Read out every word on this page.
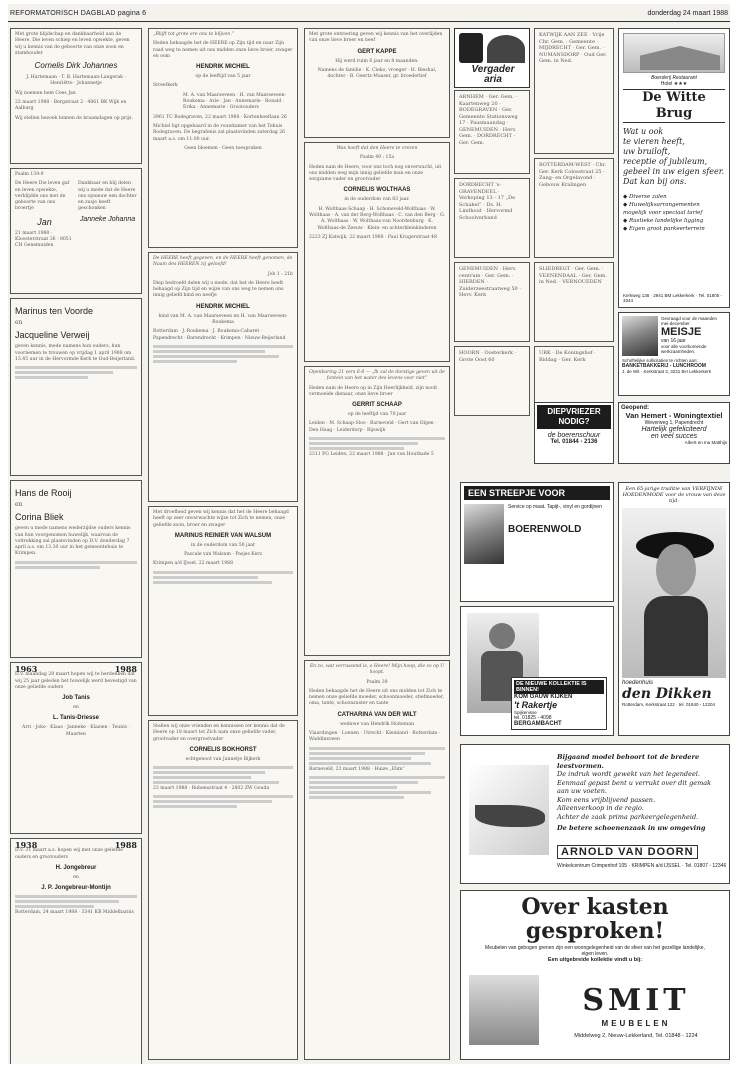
REFORMATORISCH DAGBLAD pagina 6	donderdag 24 maart 1988

Met grote blijdschap en dankbaarheid aan de Heere, Die leven schiep en leven opwekte, geven wij u kennis van de geboorte van onze zoon en stamhouder

Cornelis Dirk Johannes

J. Hartemaan · T. B. Hartemaan-Langerak · Henriëtte · Johannetje

Wij noemen hem Cees Jan

22 maart 1988 · Bergstraat 2 · 4061 BK Wijk en Aalburg

Wij stellen bezoek binnen de kraamdagen op prijs.

Psalm 139:9

De Heere Die leven gaf en leven opwekte, verblijdde ons met de geboorte van ons broertje

Jan

21 maart 1988 · Kloosterstraat 36 · 8051 CH Genemuiden

Dankbaar en blij delen wij u mede dat de Heere ons opnieuw een dochter en zusje heeft geschonken

Janneke Johanna
Marinus ten Voorde
en
Jacqueline Verweij

geven kennis, mede namens hun ouders, hun voornemen te trouwen op vrijdag 1 april 1988 om 13.45 uur in de Hervormde Kerk te Oud-Beijerland.

Hans de Rooij
en
Corina Bliek

geven u mede namens wederzijdse ouders kennis van hun voorgenomen huwelijk, waarvan de voltrekking zal plaatsvinden op D.V. donderdag 7 april a.s. om 13.30 uur in het gemeentehuis te Krimpen.

1963	1988

D.V. maandag 28 maart hopen wij te herdenken dat wij 25 jaar geleden het huwelijk werd bevestigd van onze geliefde ouders

Job Tanis
en
L. Tanis-Driesse

Arri · Joke · Klaas · Janneke · Klazien · Teunis · Maarten

1938	1988

D.V. 31 maart a.s. hopen wij met onze geliefde ouders en grootouders

H. Jongebreur
en
J. P. Jongebreur-Montijn

Rotterdam, 24 maart 1988 · 3341 KB Middelharnis

„Blijft tot grote ere ons te blijven.”

Heden behaagde het de HEERE op Zijn tijd en naar Zijn raad weg te nemen uit ons midden onze lieve broer, zwager en oom

HENDRIK MICHIEL

op de leeftijd van 5 jaar

Streefkerk

M. A. van Maarseveen · H. van Maarseveen-Roukema · Arie · Jan · Annemarie · Ronald · Erika · Annemarie · Grootouders

3961 TC Bodegraven, 22 maart 1988 · Kortenhoeflaan 26

Michiel ligt opgebaard in de rouwkamer van het Tehuis Bodegraven. De begrafenis zal plaatsvinden zaterdag 26 maart a.s. om 11.00 uur.

Geen bloemen · Geen toespraken

De HEERE heeft gegeven, en de HEERE heeft genomen, de Naam des HEEREN zij geloofd!

Job 1 : 21b

Diep bedroefd delen wij u mede, dat het de Heere heeft behaagd op Zijn tijd en wijze van ons weg te nemen ons innig geliefd kind en neefje

HENDRIK MICHIEL

kind van M. A. van Maarseveen en H. van Maarseveen-Roukema

Rotterdam · J. Roukema · J. Roukema-Cabaret · Papendrecht · Barendrecht · Krimpen · Nieuw-Beijerland

Met droefheid geven wij kennis dat het de Heere behaagd heeft op zeer onverwachte wijze tot Zich te nemen, onze geliefde zoon, broer en zwager

MARINUS REINIER VAN WALSUM

in de ouderdom van 50 jaar

Pascale van Walsum · Pasjes Kerz

Krimpen a/d IJssel, 22 maart 1988

Stellen wij onze vrienden en kennissen ter kennis dat de Heere op 18 maart tot Zich nam onze geliefde vader, grootvader en overgrootvader

CORNELIS BOKHORST

echtgenoot van Jannetje Bijkerk

23 maart 1988 · Rubensstraat 4 · 2802 ZW Gouda

Met grote ontroering geven wij kennis van het overlijden van onze lieve broer en neef

GERT KAPPE

Hij werd ruim 6 jaar en 8 maanden.

Namens de familie · K. Cieko, vroeger · H. Bieshal, dochter · B. Geertz-Maaser, gr. broederlief

Was hoeft dat den Heere te vrezen

Psalm 49 : 15a

Heden nam de Heere, voor ons toch nog onverwacht, uit ons midden weg mijn innig geliefde man en onze zorgzame vader en grootvader

CORNELIS WOLTHAAS

in de ouderdom van 83 jaar.

H. Wolthaas-Schaap · H. Schoneveld-Wolthaas · W. Wolthaas · A. van der Berg-Wolthaas · C. van den Berg · G. A. Wolthaas · W. Wolthaas-van Noordenburg · K. Wolthaas-de Zeeuw · Klein- en achterkleinkinderen

2223 ZJ Katwijk, 22 maart 1988 · Paul Krugerstraat 48

Openbaring 21 vers 6-8 — „Ik zal de dorstige geven uit de fontein van het water des levens voor niet”

Heden nam de Heere op in Zijn Heerlijkheid, zijn nooit vermoeide dienaar, onze lieve broer

GERRIT SCHAAP

op de leeftijd van 70 jaar

Leiden · M. Schaap-Sloo · Barneveld · Gert van Olgen · Den Haag · Leiderdorp · Rijswijk

2311 PG Leiden, 22 maart 1988 · Jan van Houtkade 5

En zo, wat verrassend is, o Heere! Mijn hoop, die zo op U hoopt.

Psalm 39

Heden behaagde het de Heere uit ons midden tot Zich te nemen onze geliefde moeder, schoonmoeder, stiefmoeder, oma, tante, schoonzuster en tante

CATHARINA VAN DER WILT

weduwe van Hendrik Hoiteman

Vlaardingen · Loenen · Utrecht · Kleinland · Rotterdam · Waddinxveen

Barneveld, 23 maart 1988 · Huize „Elim”

Vergader
aria

ARNHEM · Ger. Gem. · Kaartenweg 20 · BODEGRAVEN · Ger. Gemeente Stationsweg 17 · Paasmaandag · GENEMUIDEN · Herv. Gem. · DORDRECHT · Ger. Gem.

DORDRECHT 's-GRAVENDEEL · Verkoping 13 - 17 „De Schakel” · Ds. H. Lindhout · Hervormd Schoolverband

GENEMUIDEN · Herv. centrum · Ger. Gem. · HIERDEN · Zuiderzeestraatweg 50 · Herv. Kerk

HOORN · Oosterkerk · Grote Oost 60

KATWIJK AAN ZEE · Vrije Chr. Gem. · Gemeente · MIJDRECHT · Ger. Gem. · NUMANSDORP · Oud Ger. Gem. in Ned.

ROTTERDAM-WEST · Chr. Ger. Kerk Colosstraat 25 · Zang- en Orgelavond · Gebouw Kralingen

SLIEDREGT · Ger. Gem. · VEENENDAAL · Ger. Gem. in Ned. · VERNOUEDEN

URK · De Koningshof · Biddag · Ger. Kerk

Boerderij Restaurant
Hotel ★★★
De Witte Brug
Wat u ook
te vieren heeft,
uw bruiloft,
receptie of jubileum,
gebeel in uw eigen sfeer.
Dat kan bij ons.
◆ Diverse zalen
◆ Huwelijksarrangementen mogelijk voor speciaal tarief
◆ Rustieke landelijke ligging
◆ Eigen groot parkeerterrein
Kerkweg 138 · 2941 BM Lekkerkerk · Tel. 01805 - 3344
Gevraagd voor de maanden mei-december
MEISJE
van 16 jaar
voor alle voorkomende werkzaamheden.
Schriftelijke sollicitaties te richten aan:
BANKETBAKKERIJ - LUNCHROOM
J. de Wit · Kerkstraat 3, 3231 BH Lekkerkerk
DIEPVRIEZER NODIG?
de boerenschuur
Tel. 01844 - 2136
Geopend:
Van Hemert - Woningtextiel
Weverweg 1, Papendrecht
Hartelijk gefeliciteerd
en veel succes
Albert en Ina Matthijs
EEN STREEPJE VOOR
Service op maat. Tapijt-, vinyl en gordijnen
BOERENWOLD
DE NIEUWE KOLLEKTIE IS BINNEN!
KOM GAUW KIJKEN
't Rakertje
Spijkenisse
tel. 01825 - 4098
BERGAMBACHT
Een 65-jarige traditie van VERFIJNDE HOEDENMODE voor de vrouw van deze tijd.
hoedenhuis
den Dikken
Rotterdam, Kerkstraat 122 · tel. 01840 - 12204
Bijgaand model behoort tot de bredere leestvormen.
De indruk wordt gewekt van het legendeel. Eenmaal gepast bent u verrukt over dit gemak aan uw voeten.
Kom eens vrijblijvend passen.
Alleenverkoop in de regio.
Achter de zaak prima parkeergelegenheid.
De betere schoenenzaak in uw omgeving
ARNOLD VAN DOORN
Winkelcentrum Crimpenhof 105 · KRIMPEN a/d IJSSEL · Tel. 01807 - 12346
Over kasten
gesproken!
Meubelen van gebogen grenen zijn een woongelegenheid van de sfeer van het gezellige landelijke, eigen leven.
Een uitgebreide kollektie vindt u bij:
SMIT
MEUBELEN
Middelweg 2, Nieuw-Lekkerland, Tel. 01848 - 1224
